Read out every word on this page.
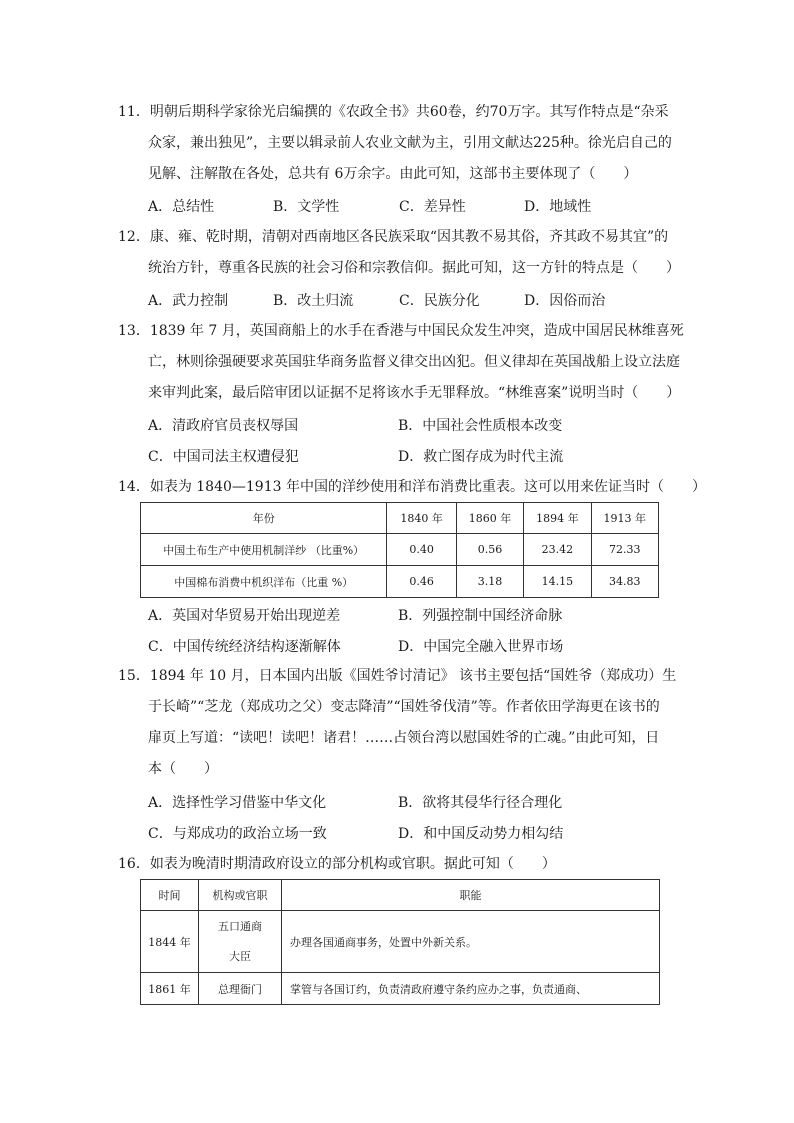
11．明朝后期科学家徐光启编撰的《农政全书》共60卷，约70万字。其写作特点是“杂采
众家，兼出独见”，主要以辑录前人农业文献为主，引用文献达225种。徐光启自己的
见解、注解散在各处，总共有 6万余字。由此可知，这部书主要体现了（　　）
A．总结性	B．文学性	C．差异性	D．地域性
12．康、雍、乾时期，清朝对西南地区各民族采取“因其教不易其俗，齐其政不易其宜”的
统治方针，尊重各民族的社会习俗和宗教信仰。据此可知，这一方针的特点是（　　）
A．武力控制	B．改土归流	C．民族分化	D．因俗而治
13．1839 年 7 月，英国商船上的水手在香港与中国民众发生冲突，造成中国居民林维喜死
亡，林则徐强硬要求英国驻华商务监督义律交出凶犯。但义律却在英国战船上设立法庭
来审判此案，最后陪审团以证据不足将该水手无罪释放。“林维喜案”说明当时（　　）
A．清政府官员丧权辱国	B．中国社会性质根本改变
C．中国司法主权遭侵犯	D．救亡图存成为时代主流
14．如表为 1840—1913 年中国的洋纱使用和洋布消费比重表。这可以用来佐证当时（　　）
年份	1840 年	1860 年	1894 年	1913 年
中国土布生产中使用机制洋纱 （比重%）	0.40	0.56	23.42	72.33
中国棉布消费中机织洋布（比重 %）	0.46	3.18	14.15	34.83
A．英国对华贸易开始出现逆差	B．列强控制中国经济命脉
C．中国传统经济结构逐渐解体	D．中国完全融入世界市场
15．1894 年 10 月，日本国内出版《国姓爷讨清记》 该书主要包括“国姓爷（郑成功）生
于长崎”“芝龙（郑成功之父）变志降清”“国姓爷伐清”等。作者依田学海更在该书的
扉页上写道：“读吧！读吧！诸君！……占领台湾以慰国姓爷的亡魂。”由此可知，日
本（　　）
A．选择性学习借鉴中华文化	B．欲将其侵华行径合理化
C．与郑成功的政治立场一致	D．和中国反动势力相勾结
16．如表为晚清时期清政府设立的部分机构或官职。据此可知（　　）
时间	机构或官职	职能
1844 年	五口通商大臣	办理各国通商事务，处置中外新关系。
1861 年	总理衙门	掌管与各国订约，负责清政府遵守条约应办之事，负责通商、
